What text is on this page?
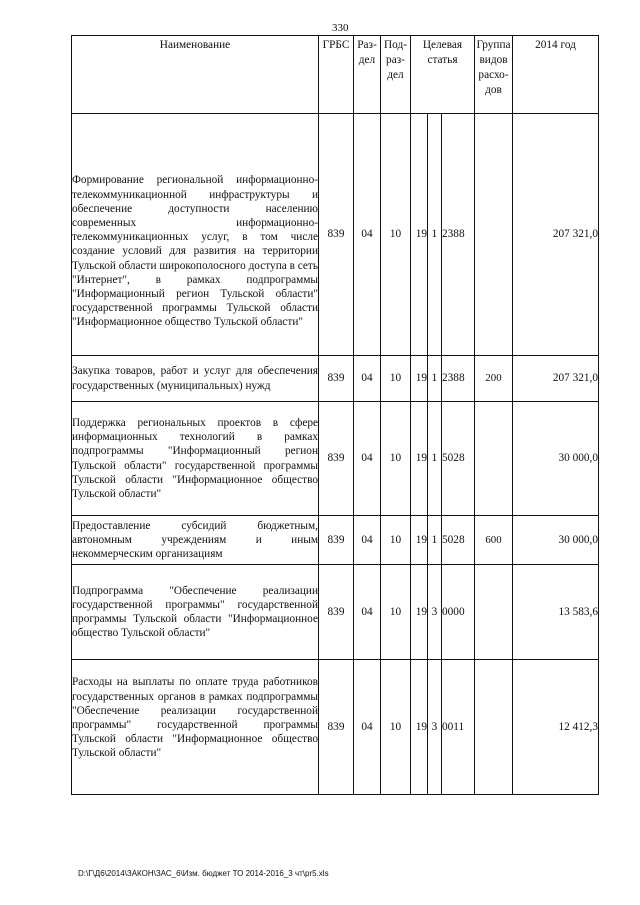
330
Наименование	ГРБС	Раз-дел	Под-раз-дел	Целевая статья			Группа видов расхо-дов	2014 год

Формирование региональной информационно-телекоммуникационной инфраструктуры и обеспечение доступности населению современных информационно-телекоммуникационных услуг, в том числе создание условий для развития на территории Тульской области широкополосного доступа в сеть "Интернет", в рамках подпрограммы "Информационный регион Тульской области" государственной программы Тульской области "Информационное общество Тульской области"	839	04	10	19	1	2388		207 321,0
Закупка товаров, работ и услуг для обеспечения государственных (муниципальных) нужд	839	04	10	19	1	2388	200	207 321,0
Поддержка региональных проектов в сфере информационных технологий в рамках подпрограммы "Информационный регион Тульской области" государственной программы Тульской области "Информационное общество Тульской области"	839	04	10	19	1	5028		30 000,0
Предоставление субсидий бюджетным, автономным учреждениям и иным некоммерческим организациям	839	04	10	19	1	5028	600	30 000,0
Подпрограмма "Обеспечение реализации государственной программы" государственной программы Тульской области "Информационное общество Тульской области"	839	04	10	19	3	0000		13 583,6

Расходы на выплаты по оплате труда работников государственных органов в рамках подпрограммы "Обеспечение реализации государственной программы" государственной программы Тульской области "Информационное общество Тульской области"	839	04	10	19	3	0011		12 412,3
D:\Г\Д6\2014\ЗАКОН\ЗАС_6\Изм. бюджет ТО 2014-2016_3 чт\pr5.xls
